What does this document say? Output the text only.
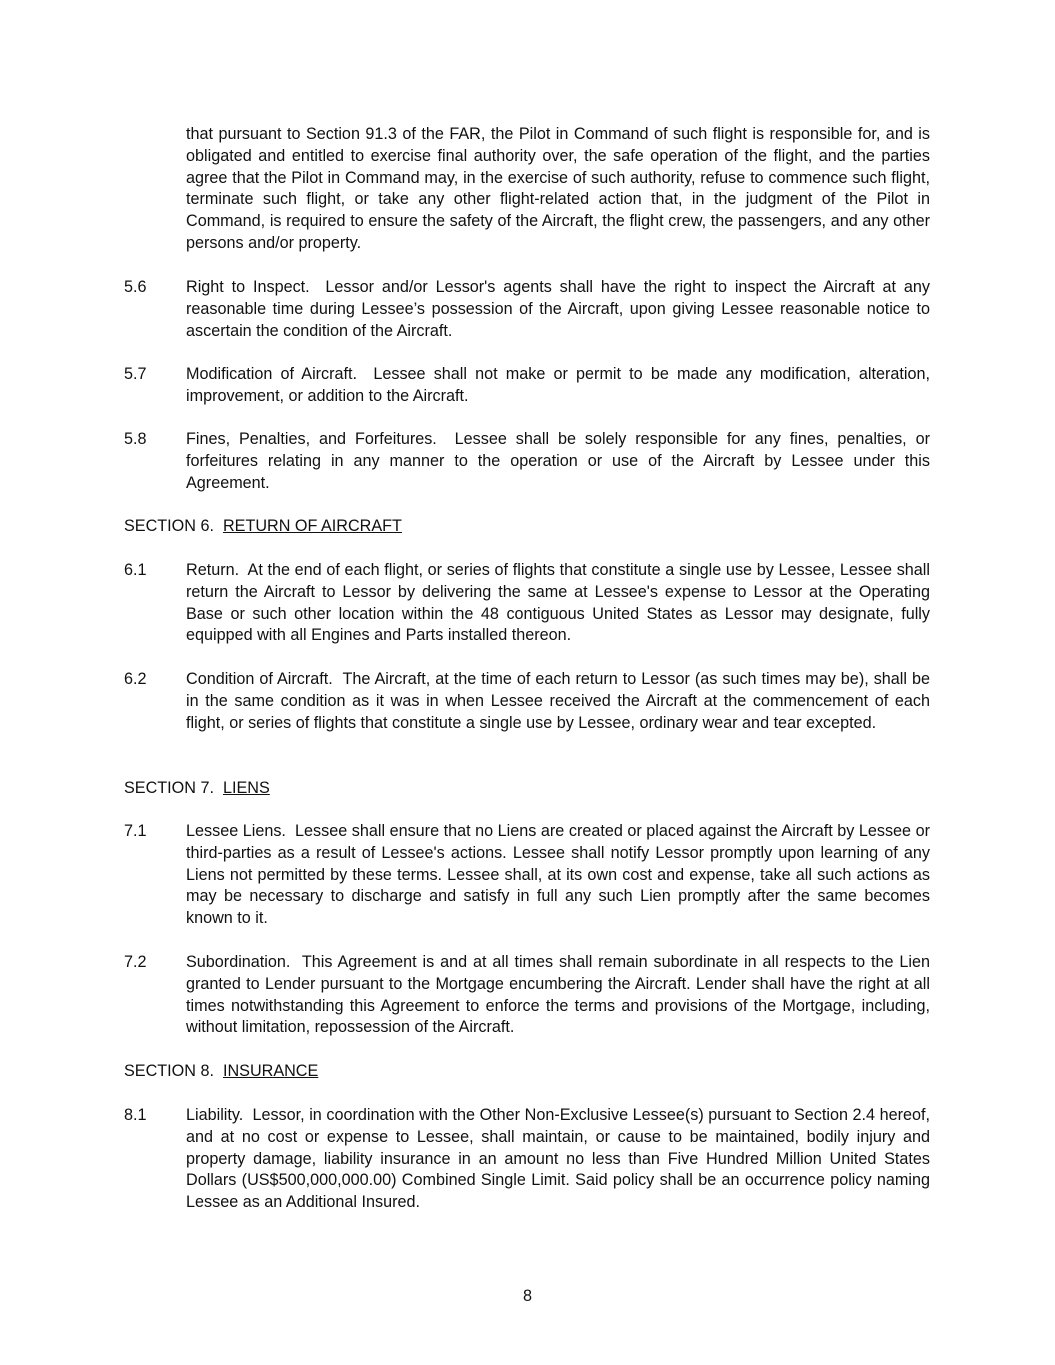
that pursuant to Section 91.3 of the FAR, the Pilot in Command of such flight is responsible for, and is obligated and entitled to exercise final authority over, the safe operation of the flight, and the parties agree that the Pilot in Command may, in the exercise of such authority, refuse to commence such flight, terminate such flight, or take any other flight-related action that, in the judgment of the Pilot in Command, is required to ensure the safety of the Aircraft, the flight crew, the passengers, and any other persons and/or property.

5.6	Right to Inspect. Lessor and/or Lessor's agents shall have the right to inspect the Aircraft at any reasonable time during Lessee’s possession of the Aircraft, upon giving Lessee reasonable notice to ascertain the condition of the Aircraft.

5.7	Modification of Aircraft. Lessee shall not make or permit to be made any modification, alteration, improvement, or addition to the Aircraft.

5.8	Fines, Penalties, and Forfeitures. Lessee shall be solely responsible for any fines, penalties, or forfeitures relating in any manner to the operation or use of the Aircraft by Lessee under this Agreement.

SECTION 6. RETURN OF AIRCRAFT

6.1	Return. At the end of each flight, or series of flights that constitute a single use by Lessee, Lessee shall return the Aircraft to Lessor by delivering the same at Lessee's expense to Lessor at the Operating Base or such other location within the 48 contiguous United States as Lessor may designate, fully equipped with all Engines and Parts installed thereon.

6.2	Condition of Aircraft. The Aircraft, at the time of each return to Lessor (as such times may be), shall be in the same condition as it was in when Lessee received the Aircraft at the commencement of each flight, or series of flights that constitute a single use by Lessee, ordinary wear and tear excepted.

SECTION 7. LIENS

7.1	Lessee Liens. Lessee shall ensure that no Liens are created or placed against the Aircraft by Lessee or third-parties as a result of Lessee's actions. Lessee shall notify Lessor promptly upon learning of any Liens not permitted by these terms. Lessee shall, at its own cost and expense, take all such actions as may be necessary to discharge and satisfy in full any such Lien promptly after the same becomes known to it.

7.2	Subordination. This Agreement is and at all times shall remain subordinate in all respects to the Lien granted to Lender pursuant to the Mortgage encumbering the Aircraft. Lender shall have the right at all times notwithstanding this Agreement to enforce the terms and provisions of the Mortgage, including, without limitation, repossession of the Aircraft.

SECTION 8. INSURANCE

8.1	Liability. Lessor, in coordination with the Other Non-Exclusive Lessee(s) pursuant to Section 2.4 hereof, and at no cost or expense to Lessee, shall maintain, or cause to be maintained, bodily injury and property damage, liability insurance in an amount no less than Five Hundred Million United States Dollars (US$500,000,000.00) Combined Single Limit. Said policy shall be an occurrence policy naming Lessee as an Additional Insured.

8
